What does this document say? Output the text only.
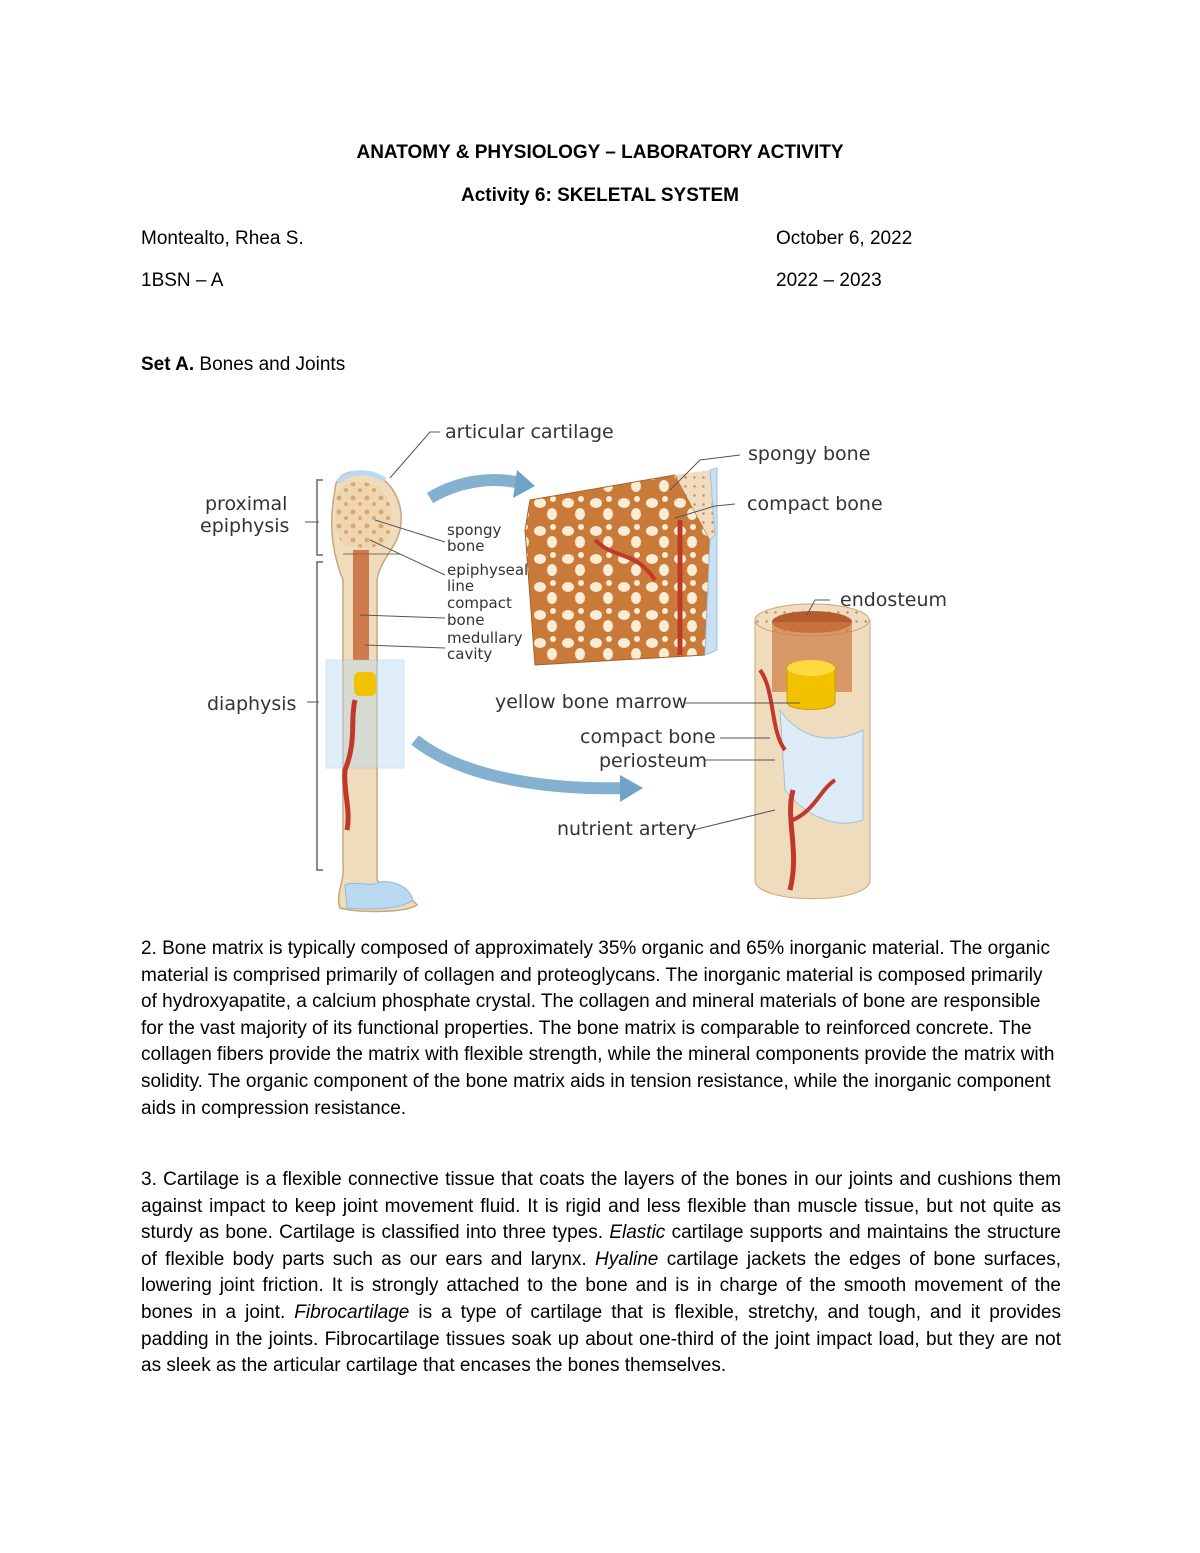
ANATOMY & PHYSIOLOGY – LABORATORY ACTIVITY
Activity 6: SKELETAL SYSTEM
Montealto, Rhea S.	October 6, 2022
1BSN – A	2022 – 2023
Set A. Bones and Joints
articular cartilage
proximal
epiphysis
diaphysis
spongy
bone
epiphyseal
line
compact
bone
medullary
cavity
spongy bone
compact bone
endosteum
yellow bone marrow
compact bone
periosteum
nutrient artery

2. Bone matrix is typically composed of approximately 35% organic and 65% inorganic material. The organic material is comprised primarily of collagen and proteoglycans. The inorganic material is composed primarily of hydroxyapatite, a calcium phosphate crystal. The collagen and mineral materials of bone are responsible for the vast majority of its functional properties. The bone matrix is comparable to reinforced concrete. The collagen fibers provide the matrix with flexible strength, while the mineral components provide the matrix with solidity. The organic component of the bone matrix aids in tension resistance, while the inorganic component aids in compression resistance.

3. Cartilage is a flexible connective tissue that coats the layers of the bones in our joints and cushions them against impact to keep joint movement fluid. It is rigid and less flexible than muscle tissue, but not quite as sturdy as bone. Cartilage is classified into three types. Elastic cartilage supports and maintains the structure of flexible body parts such as our ears and larynx. Hyaline cartilage jackets the edges of bone surfaces, lowering joint friction. It is strongly attached to the bone and is in charge of the smooth movement of the bones in a joint. Fibrocartilage is a type of cartilage that is flexible, stretchy, and tough, and it provides padding in the joints. Fibrocartilage tissues soak up about one-third of the joint impact load, but they are not as sleek as the articular cartilage that encases the bones themselves.
